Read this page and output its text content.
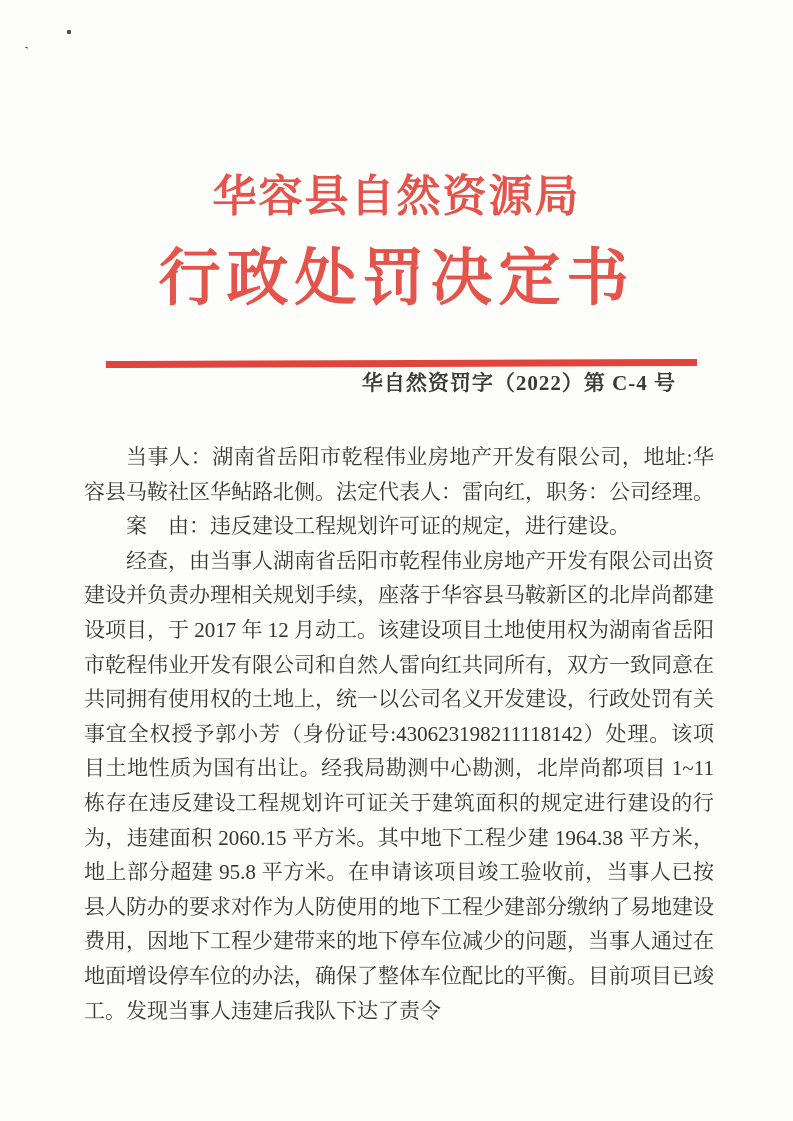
`
华容县自然资源局
行政处罚决定书
华自然资罚字（2022）第 C-4 号

当事人：湖南省岳阳市乾程伟业房地产开发有限公司，地址:华容县马鞍社区华鲇路北侧。法定代表人：雷向红，职务：公司经理。

案　由：违反建设工程规划许可证的规定，进行建设。

经查，由当事人湖南省岳阳市乾程伟业房地产开发有限公司出资建设并负责办理相关规划手续，座落于华容县马鞍新区的北岸尚都建设项目，于 2017 年 12 月动工。该建设项目土地使用权为湖南省岳阳市乾程伟业开发有限公司和自然人雷向红共同所有，双方一致同意在共同拥有使用权的土地上，统一以公司名义开发建设，行政处罚有关事宜全权授予郭小芳（身份证号:430623198211118142）处理。该项目土地性质为国有出让。经我局勘测中心勘测，北岸尚都项目 1~11 栋存在违反建设工程规划许可证关于建筑面积的规定进行建设的行为，违建面积 2060.15 平方米。其中地下工程少建 1964.38 平方米，地上部分超建 95.8 平方米。在申请该项目竣工验收前，当事人已按县人防办的要求对作为人防使用的地下工程少建部分缴纳了易地建设费用，因地下工程少建带来的地下停车位减少的问题，当事人通过在地面增设停车位的办法，确保了整体车位配比的平衡。目前项目已竣工。发现当事人违建后我队下达了责令
